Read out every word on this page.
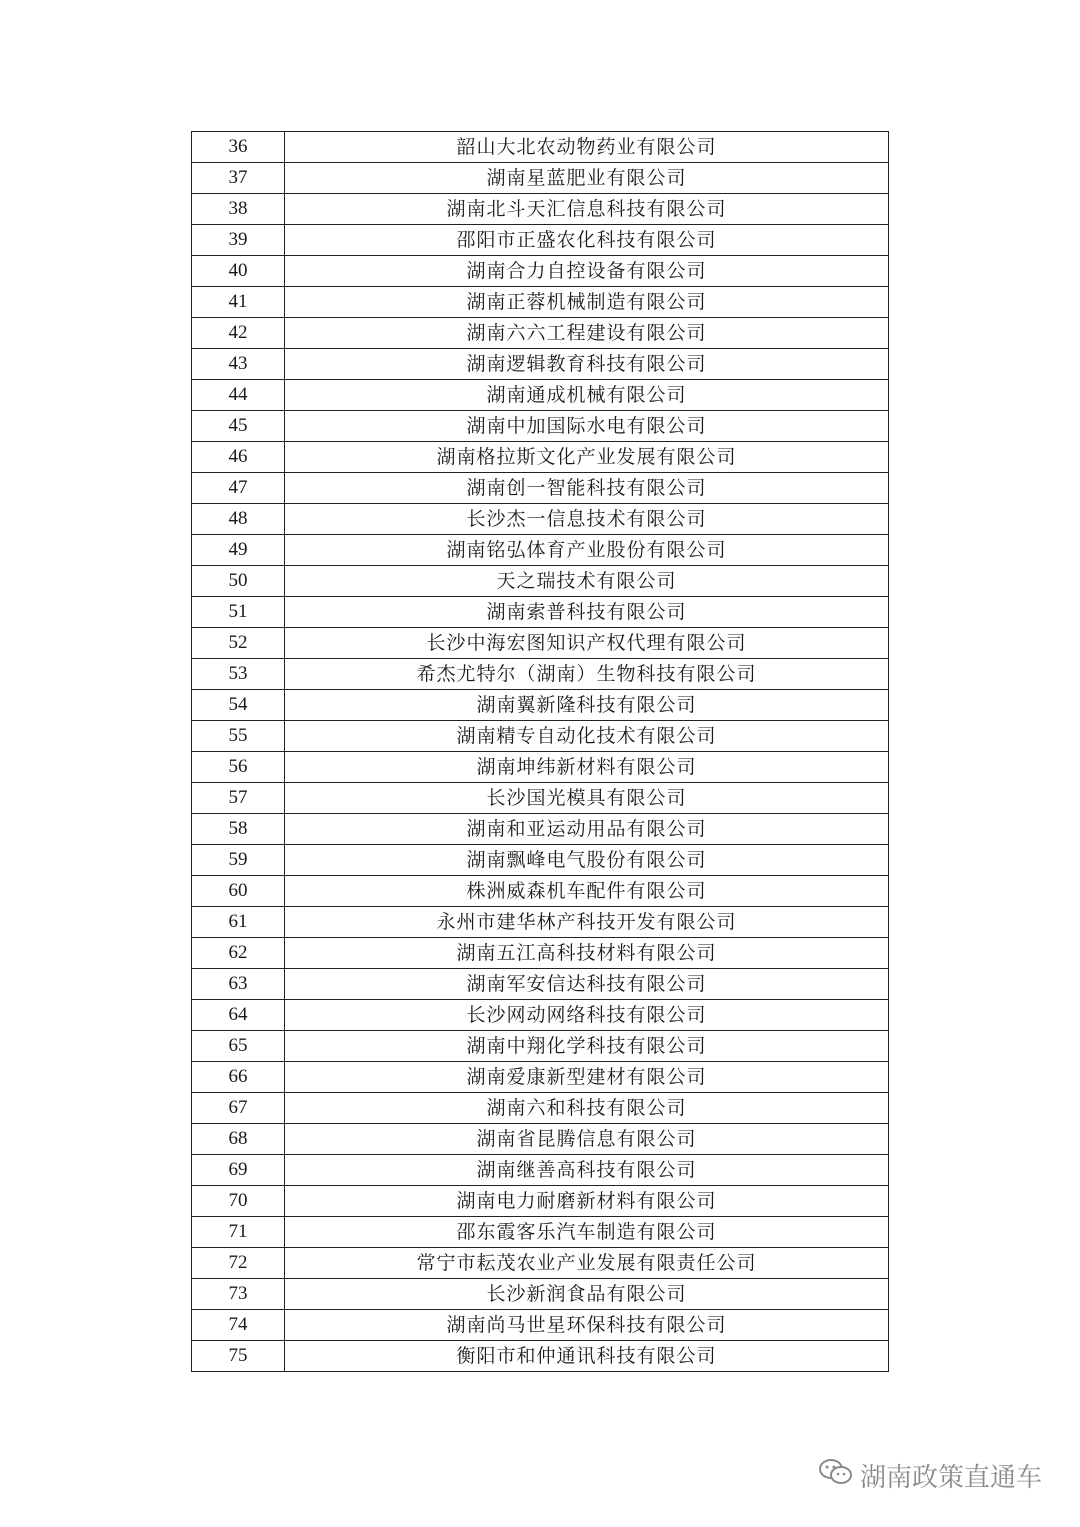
36	韶山大北农动物药业有限公司
37	湖南星蓝肥业有限公司
38	湖南北斗天汇信息科技有限公司
39	邵阳市正盛农化科技有限公司
40	湖南合力自控设备有限公司
41	湖南正蓉机械制造有限公司
42	湖南六六工程建设有限公司
43	湖南逻辑教育科技有限公司
44	湖南通成机械有限公司
45	湖南中加国际水电有限公司
46	湖南格拉斯文化产业发展有限公司
47	湖南创一智能科技有限公司
48	长沙杰一信息技术有限公司
49	湖南铭弘体育产业股份有限公司
50	天之瑞技术有限公司
51	湖南索普科技有限公司
52	长沙中海宏图知识产权代理有限公司
53	希杰尤特尔（湖南）生物科技有限公司
54	湖南翼新隆科技有限公司
55	湖南精专自动化技术有限公司
56	湖南坤纬新材料有限公司
57	长沙国光模具有限公司
58	湖南和亚运动用品有限公司
59	湖南飘峰电气股份有限公司
60	株洲威森机车配件有限公司
61	永州市建华林产科技开发有限公司
62	湖南五江高科技材料有限公司
63	湖南军安信达科技有限公司
64	长沙网动网络科技有限公司
65	湖南中翔化学科技有限公司
66	湖南爱康新型建材有限公司
67	湖南六和科技有限公司
68	湖南省昆腾信息有限公司
69	湖南继善高科技有限公司
70	湖南电力耐磨新材料有限公司
71	邵东霞客乐汽车制造有限公司
72	常宁市耘茂农业产业发展有限责任公司
73	长沙新润食品有限公司
74	湖南尚马世星环保科技有限公司
75	衡阳市和仲通讯科技有限公司
湖南政策直通车
